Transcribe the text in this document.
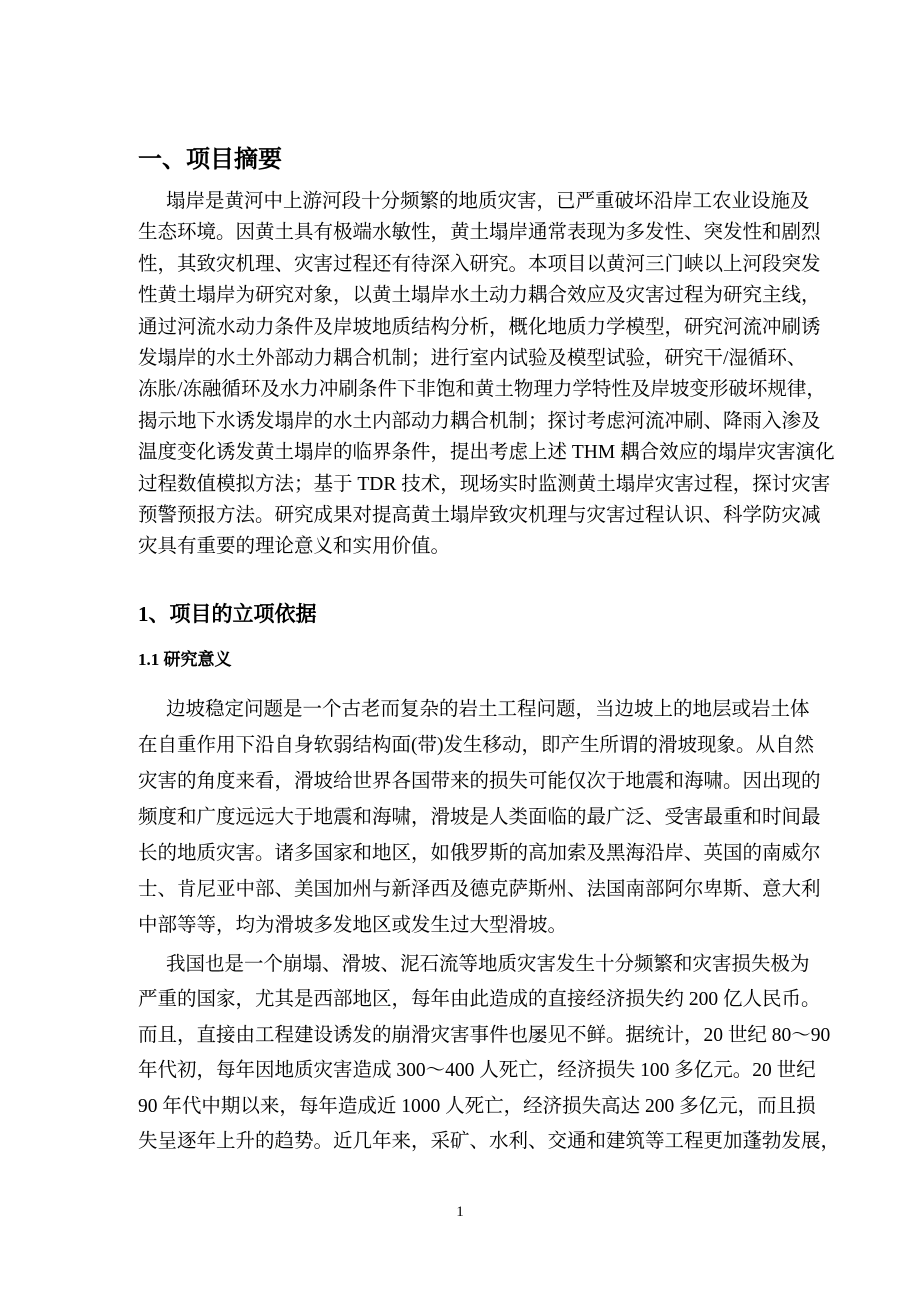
一、项目摘要
塌岸是黄河中上游河段十分频繁的地质灾害，已严重破坏沿岸工农业设施及
生态环境。因黄土具有极端水敏性，黄土塌岸通常表现为多发性、突发性和剧烈
性，其致灾机理、灾害过程还有待深入研究。本项目以黄河三门峡以上河段突发
性黄土塌岸为研究对象，以黄土塌岸水土动力耦合效应及灾害过程为研究主线，
通过河流水动力条件及岸坡地质结构分析，概化地质力学模型，研究河流冲刷诱
发塌岸的水土外部动力耦合机制；进行室内试验及模型试验，研究干/湿循环、
冻胀/冻融循环及水力冲刷条件下非饱和黄土物理力学特性及岸坡变形破坏规律，
揭示地下水诱发塌岸的水土内部动力耦合机制；探讨考虑河流冲刷、降雨入渗及
温度变化诱发黄土塌岸的临界条件，提出考虑上述 THM 耦合效应的塌岸灾害演化
过程数值模拟方法；基于 TDR 技术，现场实时监测黄土塌岸灾害过程，探讨灾害
预警预报方法。研究成果对提高黄土塌岸致灾机理与灾害过程认识、科学防灾减
灾具有重要的理论意义和实用价值。
1、项目的立项依据
1.1 研究意义
边坡稳定问题是一个古老而复杂的岩土工程问题，当边坡上的地层或岩土体
在自重作用下沿自身软弱结构面(带)发生移动，即产生所谓的滑坡现象。从自然
灾害的角度来看，滑坡给世界各国带来的损失可能仅次于地震和海啸。因出现的
频度和广度远远大于地震和海啸，滑坡是人类面临的最广泛、受害最重和时间最
长的地质灾害。诸多国家和地区，如俄罗斯的高加索及黑海沿岸、英国的南威尔
士、肯尼亚中部、美国加州与新泽西及德克萨斯州、法国南部阿尔卑斯、意大利
中部等等，均为滑坡多发地区或发生过大型滑坡。
我国也是一个崩塌、滑坡、泥石流等地质灾害发生十分频繁和灾害损失极为
严重的国家，尤其是西部地区，每年由此造成的直接经济损失约 200 亿人民币。
而且，直接由工程建设诱发的崩滑灾害事件也屡见不鲜。据统计，20 世纪 80～90
年代初，每年因地质灾害造成 300～400 人死亡，经济损失 100 多亿元。20 世纪
90 年代中期以来，每年造成近 1000 人死亡，经济损失高达 200 多亿元，而且损
失呈逐年上升的趋势。近几年来，采矿、水利、交通和建筑等工程更加蓬勃发展，
1
